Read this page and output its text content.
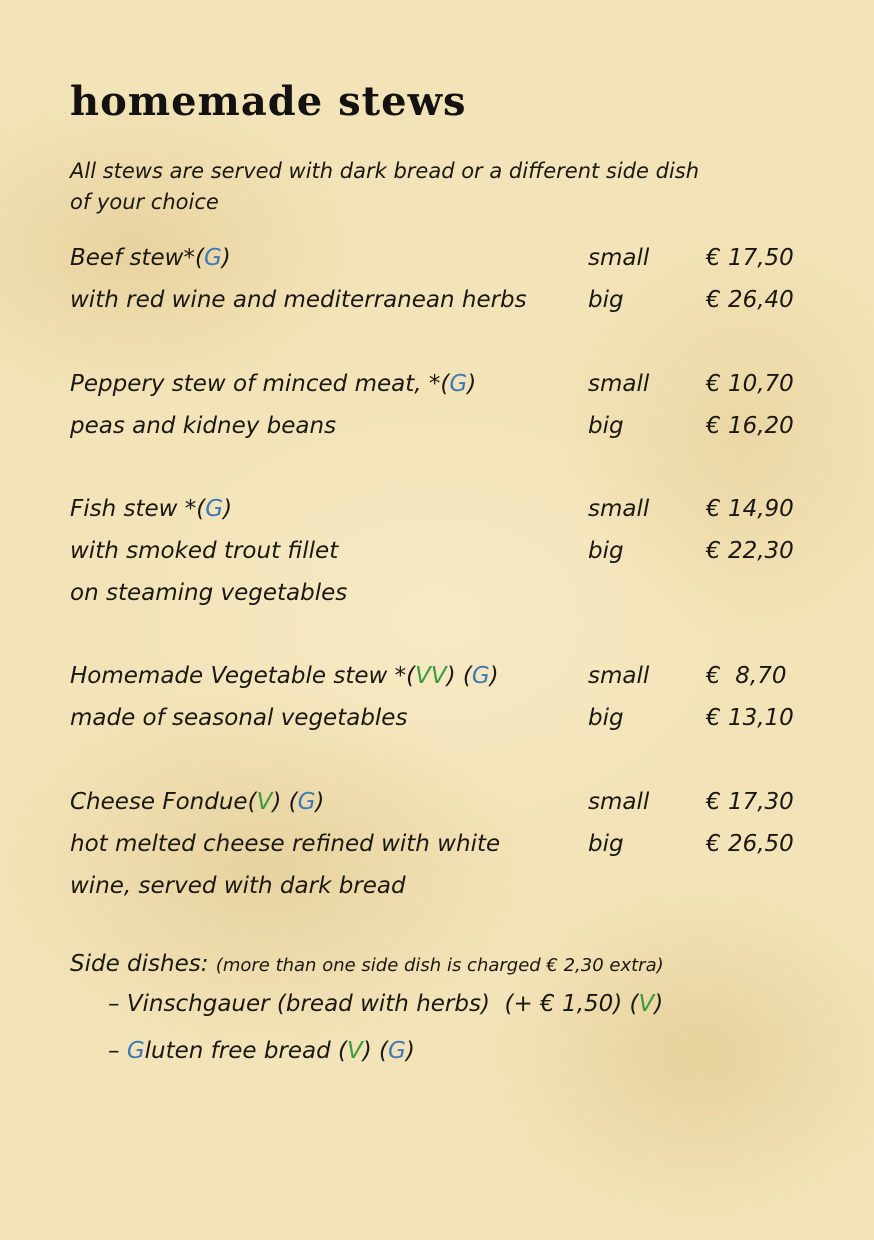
homemade stews

All stews are served with dark bread or a different side dish of your choice

Beef stew*(G)	small € 17,50
with red wine and mediterranean herbs	big	€ 26,40
Peppery stew of minced meat, *(G)	small € 10,70
peas and kidney beans	big	€ 16,20
Fish stew *(G)	small € 14,90
with smoked trout fillet	big	€ 22,30
on steaming vegetables
Homemade Vegetable stew *(VV) (G)	small €  8,70
made of seasonal vegetables	big	€ 13,10
Cheese Fondue(V) (G)	small € 17,30
hot melted cheese refined with white	big	€ 26,50
wine, served with dark bread
Side dishes: (more than one side dish is charged € 2,30 extra)
– Vinschgauer (bread with herbs)  (+ € 1,50) (V)
– Gluten free bread (V) (G)
